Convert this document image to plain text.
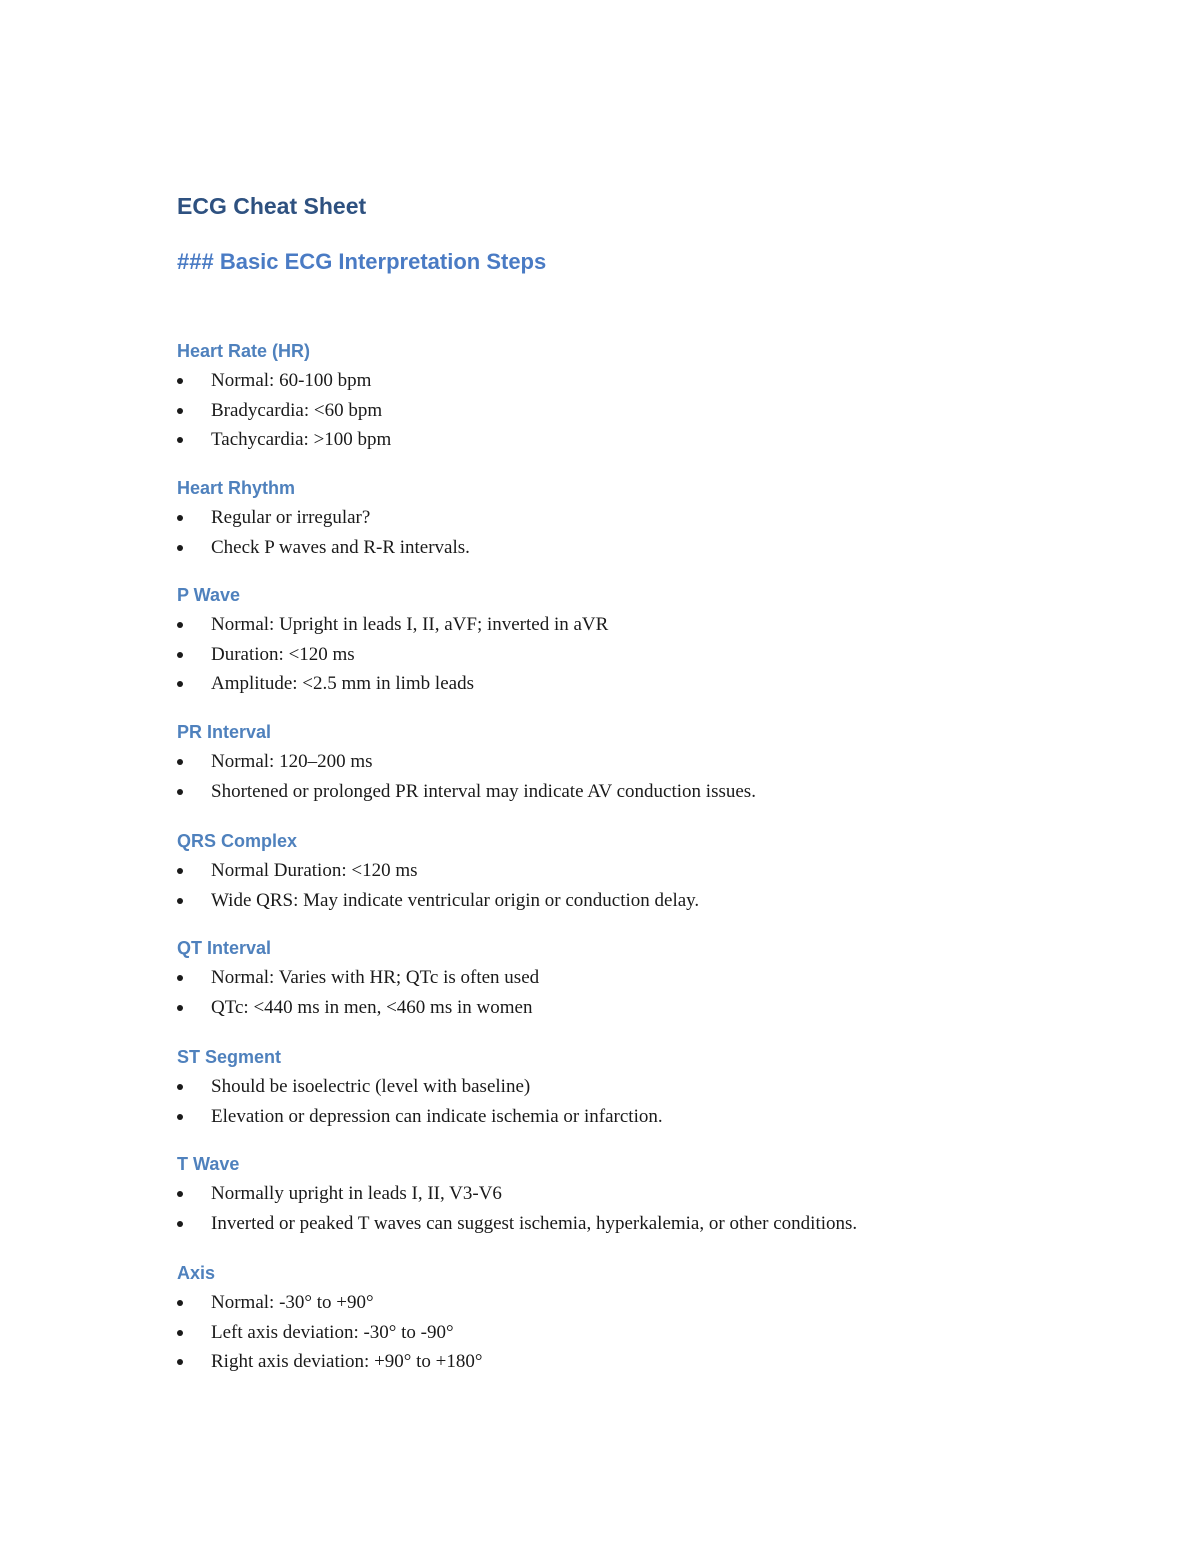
ECG Cheat Sheet
### Basic ECG Interpretation Steps
Heart Rate (HR)
Normal: 60-100 bpm
Bradycardia: <60 bpm
Tachycardia: >100 bpm
Heart Rhythm
Regular or irregular?
Check P waves and R-R intervals.
P Wave
Normal: Upright in leads I, II, aVF; inverted in aVR
Duration: <120 ms
Amplitude: <2.5 mm in limb leads
PR Interval
Normal: 120–200 ms
Shortened or prolonged PR interval may indicate AV conduction issues.
QRS Complex
Normal Duration: <120 ms
Wide QRS: May indicate ventricular origin or conduction delay.
QT Interval
Normal: Varies with HR; QTc is often used
QTc: <440 ms in men, <460 ms in women
ST Segment
Should be isoelectric (level with baseline)
Elevation or depression can indicate ischemia or infarction.
T Wave
Normally upright in leads I, II, V3-V6
Inverted or peaked T waves can suggest ischemia, hyperkalemia, or other conditions.
Axis
Normal: -30° to +90°
Left axis deviation: -30° to -90°
Right axis deviation: +90° to +180°
